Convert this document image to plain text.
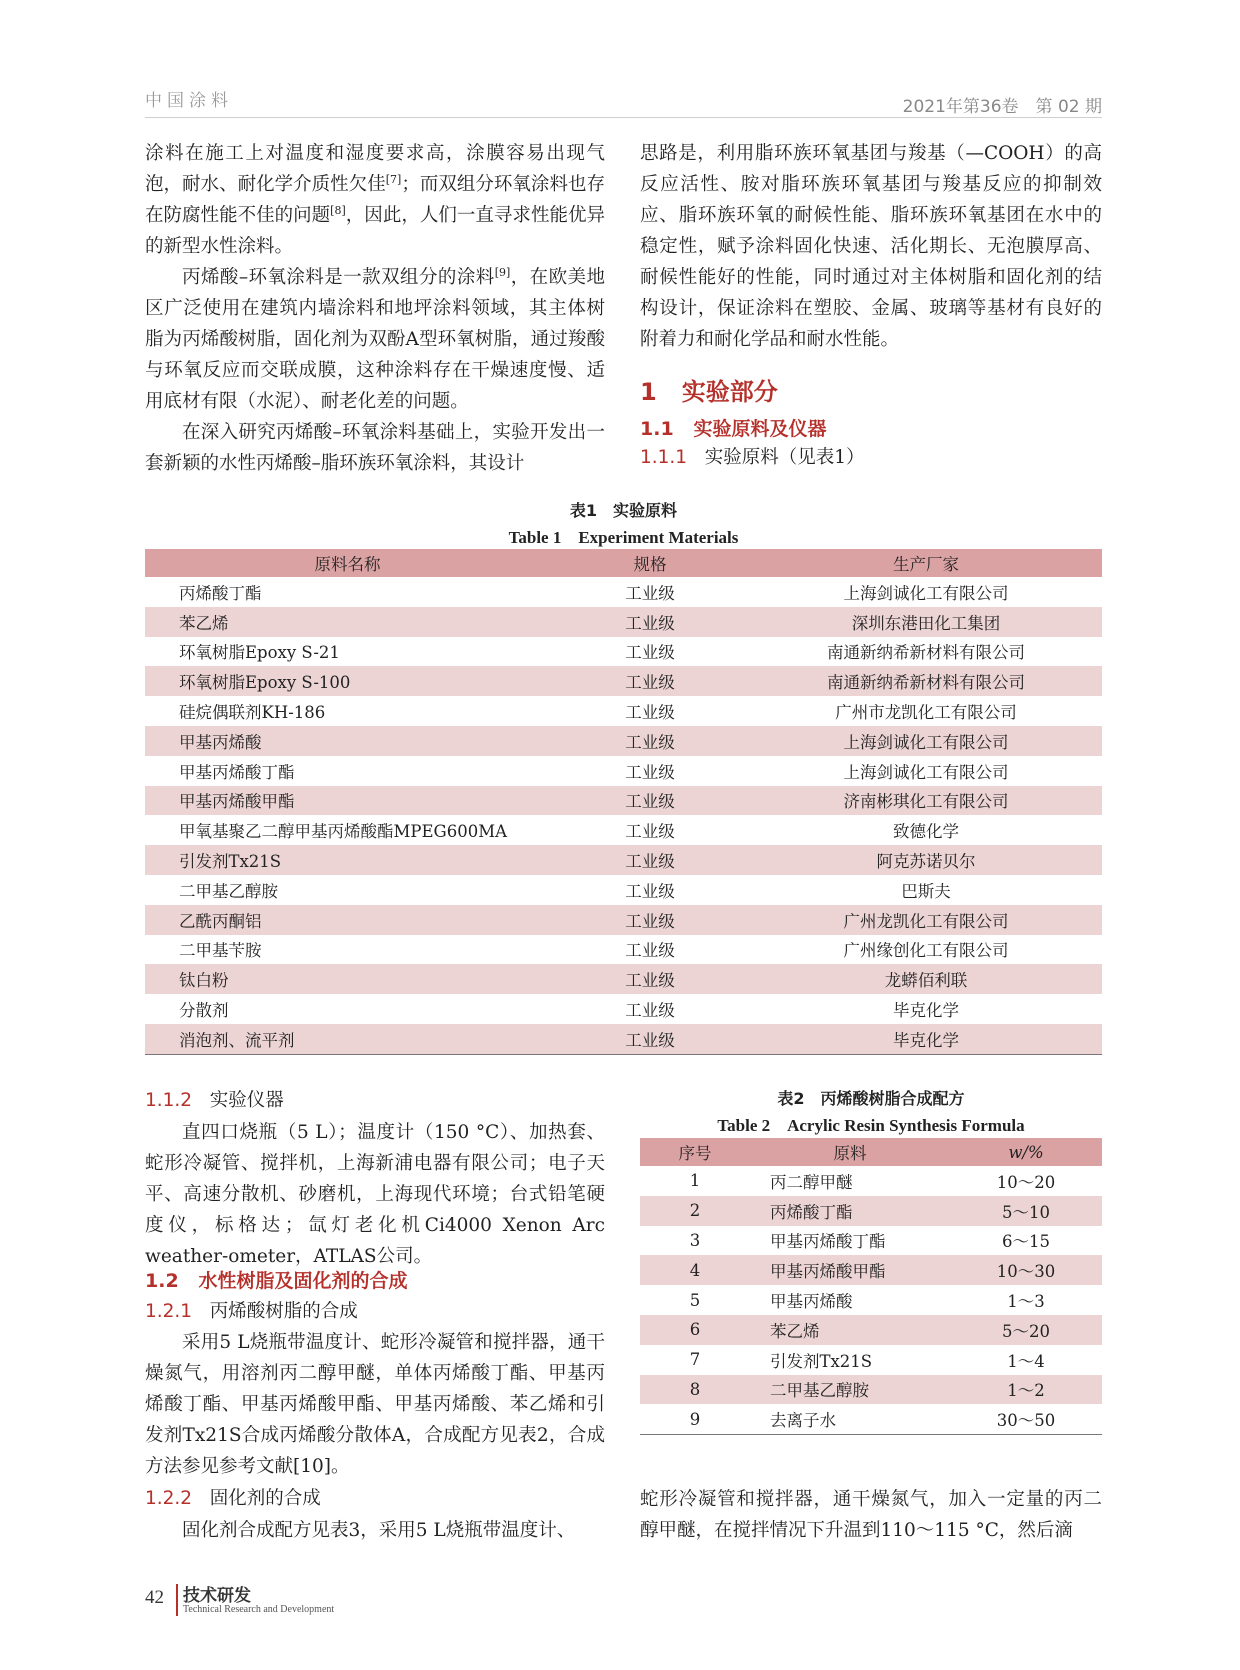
中国涂料	2021年第36卷　第 02 期

涂料在施工上对温度和湿度要求高，涂膜容易出现气泡，耐水、耐化学介质性欠佳[7]；而双组分环氧涂料也存在防腐性能不佳的问题[8]，因此，人们一直寻求性能优异的新型水性涂料。

丙烯酸–环氧涂料是一款双组分的涂料[9]，在欧美地区广泛使用在建筑内墙涂料和地坪涂料领域，其主体树脂为丙烯酸树脂，固化剂为双酚A型环氧树脂，通过羧酸与环氧反应而交联成膜，这种涂料存在干燥速度慢、适用底材有限（水泥）、耐老化差的问题。

在深入研究丙烯酸–环氧涂料基础上，实验开发出一套新颖的水性丙烯酸–脂环族环氧涂料，其设计

思路是，利用脂环族环氧基团与羧基（—COOH）的高反应活性、胺对脂环族环氧基团与羧基反应的抑制效应、脂环族环氧的耐候性能、脂环族环氧基团在水中的稳定性，赋予涂料固化快速、活化期长、无泡膜厚高、耐候性能好的性能，同时通过对主体树脂和固化剂的结构设计，保证涂料在塑胶、金属、玻璃等基材有良好的附着力和耐化学品和耐水性能。

1 实验部分
1.1 实验原料及仪器
1.1.1 实验原料（见表1）
表1　实验原料
Table 1　Experiment Materials
原料名称	规格	生产厂家
丙烯酸丁酯	工业级	上海剑诚化工有限公司
苯乙烯	工业级	深圳东港田化工集团
环氧树脂Epoxy S-21	工业级	南通新纳希新材料有限公司
环氧树脂Epoxy S-100	工业级	南通新纳希新材料有限公司
硅烷偶联剂KH-186	工业级	广州市龙凯化工有限公司
甲基丙烯酸	工业级	上海剑诚化工有限公司
甲基丙烯酸丁酯	工业级	上海剑诚化工有限公司
甲基丙烯酸甲酯	工业级	济南彬琪化工有限公司
甲氧基聚乙二醇甲基丙烯酸酯MPEG600MA	工业级	致德化学
引发剂Tx21S	工业级	阿克苏诺贝尔
二甲基乙醇胺	工业级	巴斯夫
乙酰丙酮铝	工业级	广州龙凯化工有限公司
二甲基苄胺	工业级	广州缘创化工有限公司
钛白粉	工业级	龙蟒佰利联
分散剂	工业级	毕克化学
消泡剂、流平剂	工业级	毕克化学
1.1.2 实验仪器

直四口烧瓶（5 L）；温度计（150 °C）、加热套、蛇形冷凝管、搅拌机，上海新浦电器有限公司；电子天平、高速分散机、砂磨机，上海现代环境；台式铅笔硬度仪，标格达；氙灯老化机Ci4000 Xenon Arc weather-ometer，ATLAS公司。

1.2 水性树脂及固化剂的合成
1.2.1 丙烯酸树脂的合成

采用5 L烧瓶带温度计、蛇形冷凝管和搅拌器，通干燥氮气，用溶剂丙二醇甲醚，单体丙烯酸丁酯、甲基丙烯酸丁酯、甲基丙烯酸甲酯、甲基丙烯酸、苯乙烯和引发剂Tx21S合成丙烯酸分散体A，合成配方见表2，合成方法参见参考文献[10]。

1.2.2 固化剂的合成

固化剂合成配方见表3，采用5 L烧瓶带温度计、

表2　丙烯酸树脂合成配方
Table 2　Acrylic Resin Synthesis Formula
序号	原料	w/%
1	丙二醇甲醚	10～20
2	丙烯酸丁酯	5～10
3	甲基丙烯酸丁酯	6～15
4	甲基丙烯酸甲酯	10～30
5	甲基丙烯酸	1～3
6	苯乙烯	5～20
7	引发剂Tx21S	1～4
8	二甲基乙醇胺	1～2
9	去离子水	30～50

蛇形冷凝管和搅拌器，通干燥氮气，加入一定量的丙二醇甲醚，在搅拌情况下升温到110～115 °C，然后滴

42 技术研发
Technical Research and Development
